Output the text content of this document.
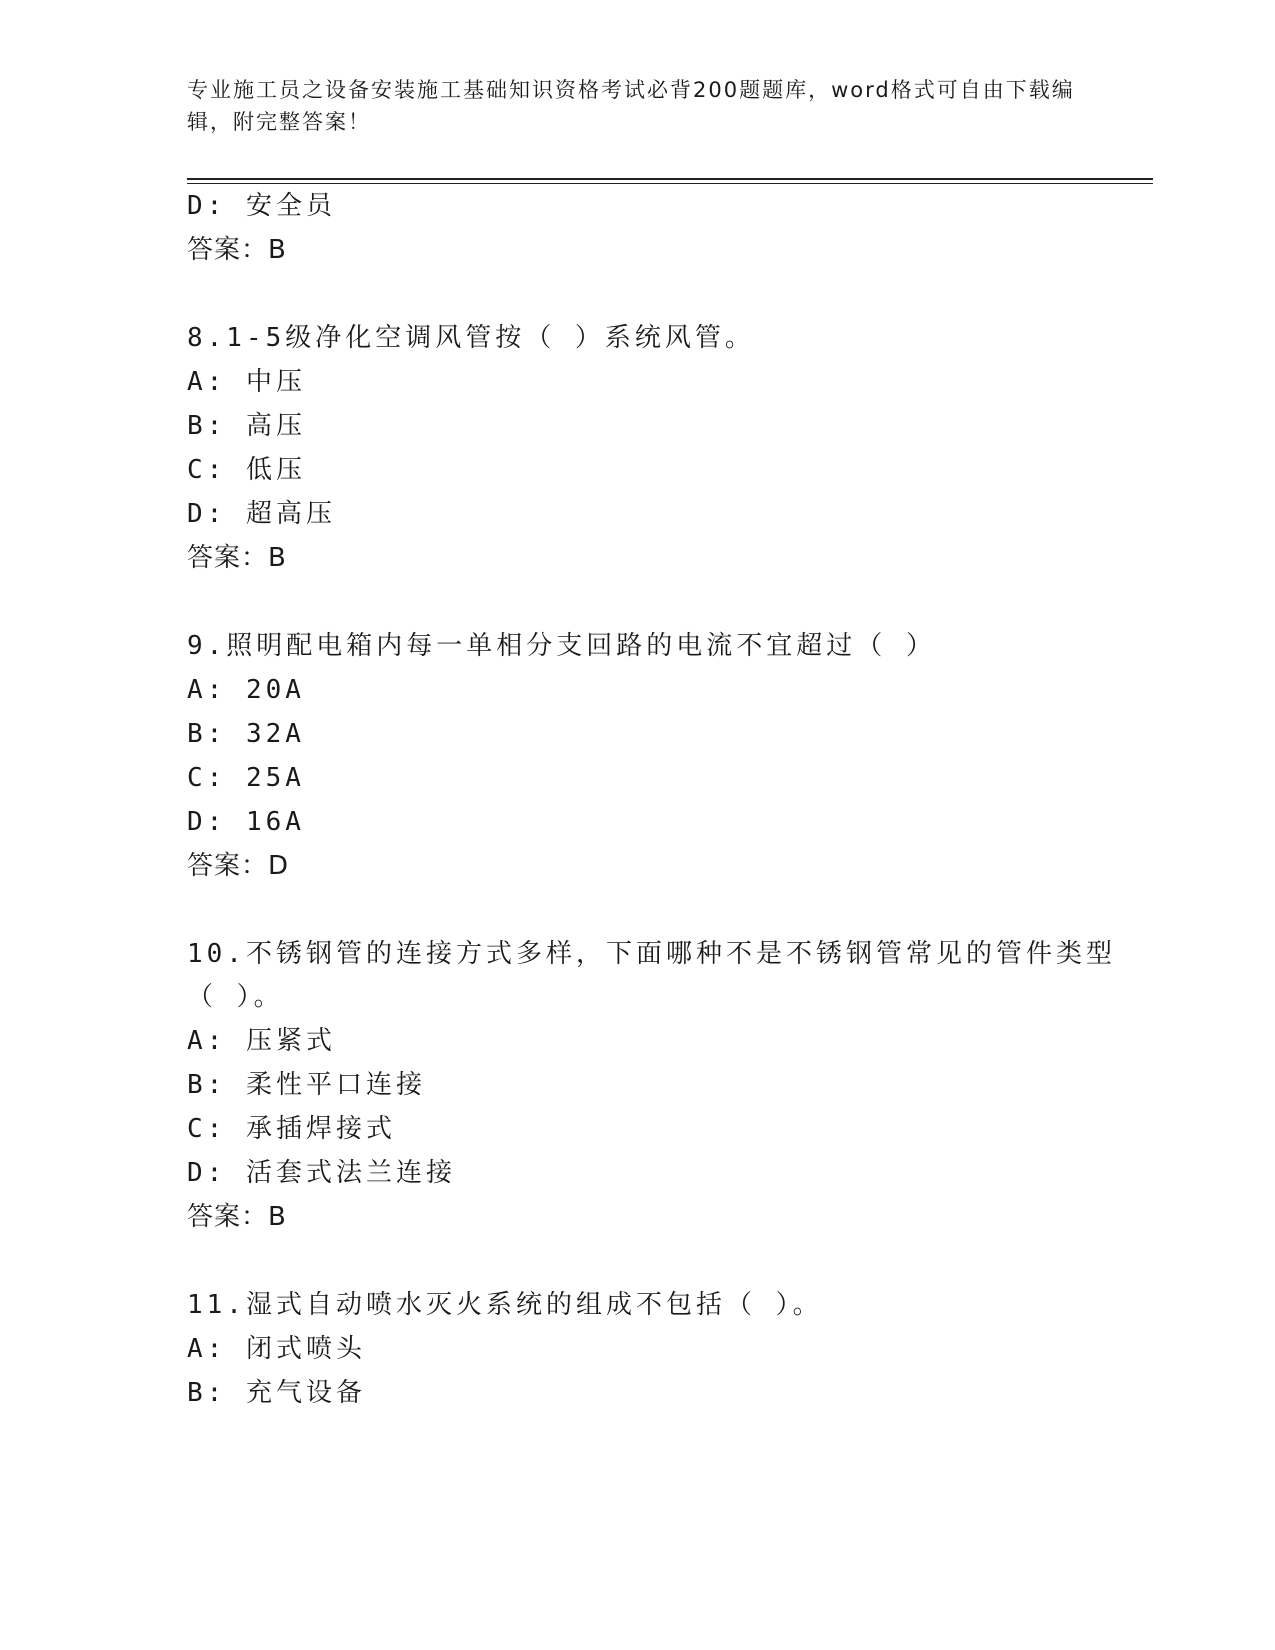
专业施工员之设备安装施工基础知识资格考试必背200题题库，word格式可自由下载编辑，附完整答案！
D: 安全员
答案：B
8.1-5级净化空调风管按（ ）系统风管。
A: 中压
B: 高压
C: 低压
D: 超高压
答案：B
9.照明配电箱内每一单相分支回路的电流不宜超过（ ）
A: 20A
B: 32A
C: 25A
D: 16A
答案：D
10.不锈钢管的连接方式多样，下面哪种不是不锈钢管常见的管件类型
（ ）。
A: 压紧式
B: 柔性平口连接
C: 承插焊接式
D: 活套式法兰连接
答案：B
11.湿式自动喷水灭火系统的组成不包括（ ）。
A: 闭式喷头
B: 充气设备
